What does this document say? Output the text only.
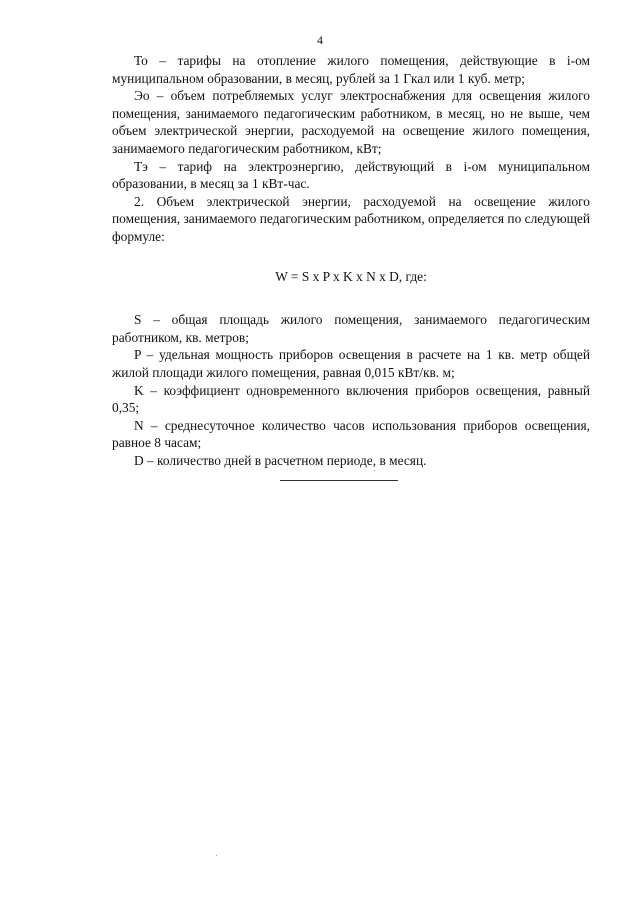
4

То – тарифы на отопление жилого помещения, действующие в i-ом муниципальном образовании, в месяц, рублей за 1 Гкал или 1 куб. метр;

Эо – объем потребляемых услуг электроснабжения для освещения жилого помещения, занимаемого педагогическим работником, в месяц, но не выше, чем объем электрической энергии, расходуемой на освещение жилого помещения, занимаемого педагогическим работником, кВт;

Тэ – тариф на электроэнергию, действующий в i-ом муниципальном образовании, в месяц за 1 кВт-час.

2. Объем электрической энергии, расходуемой на освещение жилого помещения, занимаемого педагогическим работником, определяется по следующей формуле:

W = S x P x K x N x D, где:

S – общая площадь жилого помещения, занимаемого педагогическим работником, кв. метров;

P – удельная мощность приборов освещения в расчете на 1 кв. метр общей жилой площади жилого помещения, равная 0,015 кВт/кв. м;

K – коэффициент одновременного включения приборов освещения, равный 0,35;

N – среднесуточное количество часов использования приборов освещения, равное 8 часам;

D – количество дней в расчетном периоде, в месяц.
